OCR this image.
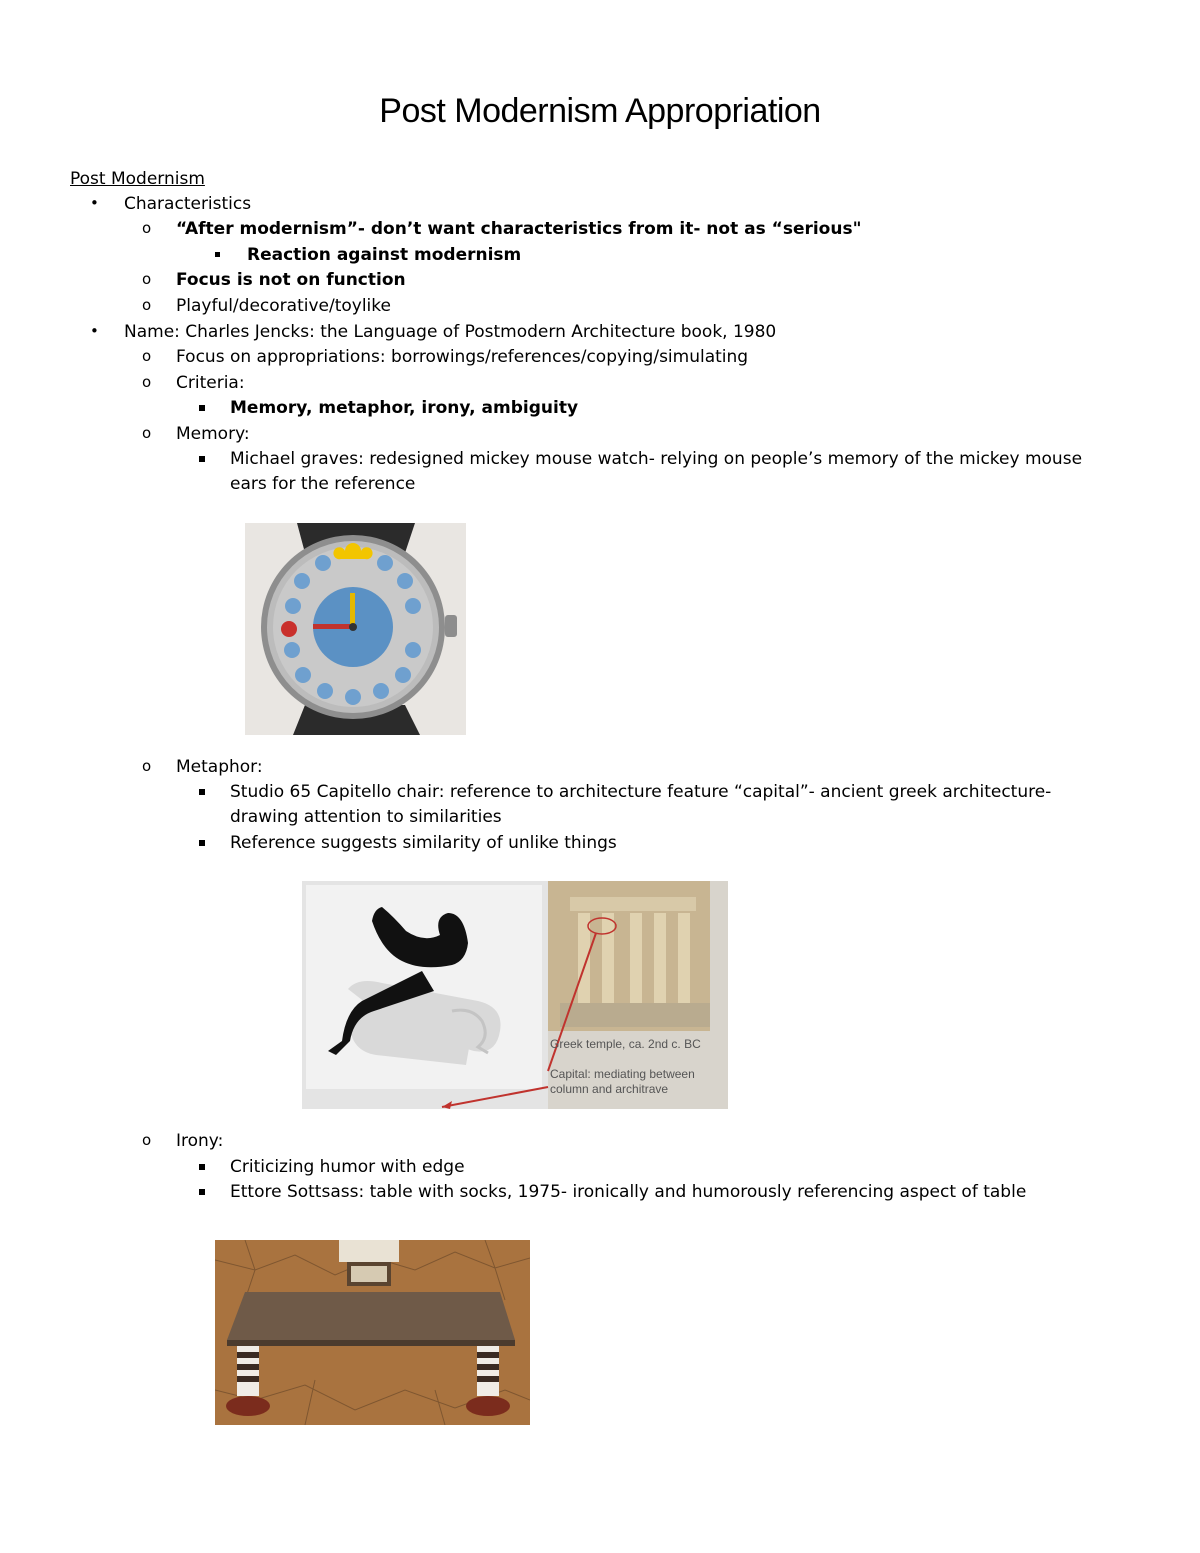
Post Modernism Appropriation
Post Modernism
• Characteristics
o “After modernism”- don’t want characteristics from it- not as “serious"
Reaction against modernism
o Focus is not on function
o Playful/decorative/toylike
• Name: Charles Jencks: the Language of Postmodern Architecture book, 1980
o Focus on appropriations: borrowings/references/copying/simulating
o Criteria:
Memory, metaphor, irony, ambiguity
o Memory:
Michael graves: redesigned mickey mouse watch- relying on people’s memory of the mickey mouse
ears for the reference
o Metaphor:
Studio 65 Capitello chair: reference to architecture feature “capital”- ancient greek architecture-
drawing attention to similarities
Reference suggests similarity of unlike things
Greek temple, ca. 2nd c. BC
Capital: mediating between
column and architrave
o Irony:
Criticizing humor with edge
Ettore Sottsass: table with socks, 1975- ironically and humorously referencing aspect of table
